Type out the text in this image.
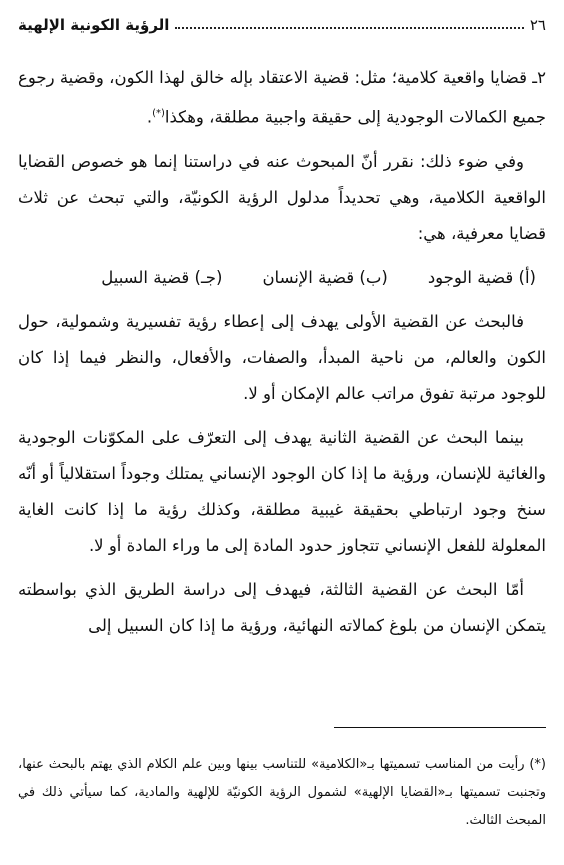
٢٦
الرؤية الكونية الإلهية

٢ـ قضايا واقعية كلامية؛ مثل: قضية الاعتقاد بإله خالق لهذا الكون، وقضية رجوع جميع الكمالات الوجودية إلى حقيقة واجبية مطلقة، وهكذا(*).

وفي ضوء ذلك: نقرر أنّ المبحوث عنه في دراستنا إنما هو خصوص القضايا الواقعية الكلامية، وهي تحديداً مدلول الرؤية الكونيّة، والتي تبحث عن ثلاث قضايا معرفية، هي:

(أ) قضية الوجود
(ب) قضية الإنسان
(جـ) قضية السبيل

فالبحث عن القضية الأولى يهدف إلى إعطاء رؤية تفسيرية وشمولية، حول الكون والعالم، من ناحية المبدأ، والصفات، والأفعال، والنظر فيما إذا كان للوجود مرتبة تفوق مراتب عالم الإمكان أو لا.

بينما البحث عن القضية الثانية يهدف إلى التعرّف على المكوّنات الوجودية والغائية للإنسان، ورؤية ما إذا كان الوجود الإنساني يمتلك وجوداً استقلالياً أو أنّه سنخ وجود ارتباطي بحقيقة غيبية مطلقة، وكذلك رؤية ما إذا كانت الغاية المعلولة للفعل الإنساني تتجاوز حدود المادة إلى ما وراء المادة أو لا.

أمّا البحث عن القضية الثالثة، فيهدف إلى دراسة الطريق الذي بواسطته يتمكن الإنسان من بلوغ كمالاته النهائية، ورؤية ما إذا كان السبيل إلى

(*) رأيت من المناسب تسميتها بـ«الكلامية» للتناسب بينها وبين علم الكلام الذي يهتم بالبحث عنها، وتجنبت تسميتها بـ«القضايا الإلهية» لشمول الرؤية الكونيّة للإلهية والمادية، كما سيأتي ذلك في المبحث الثالث.
